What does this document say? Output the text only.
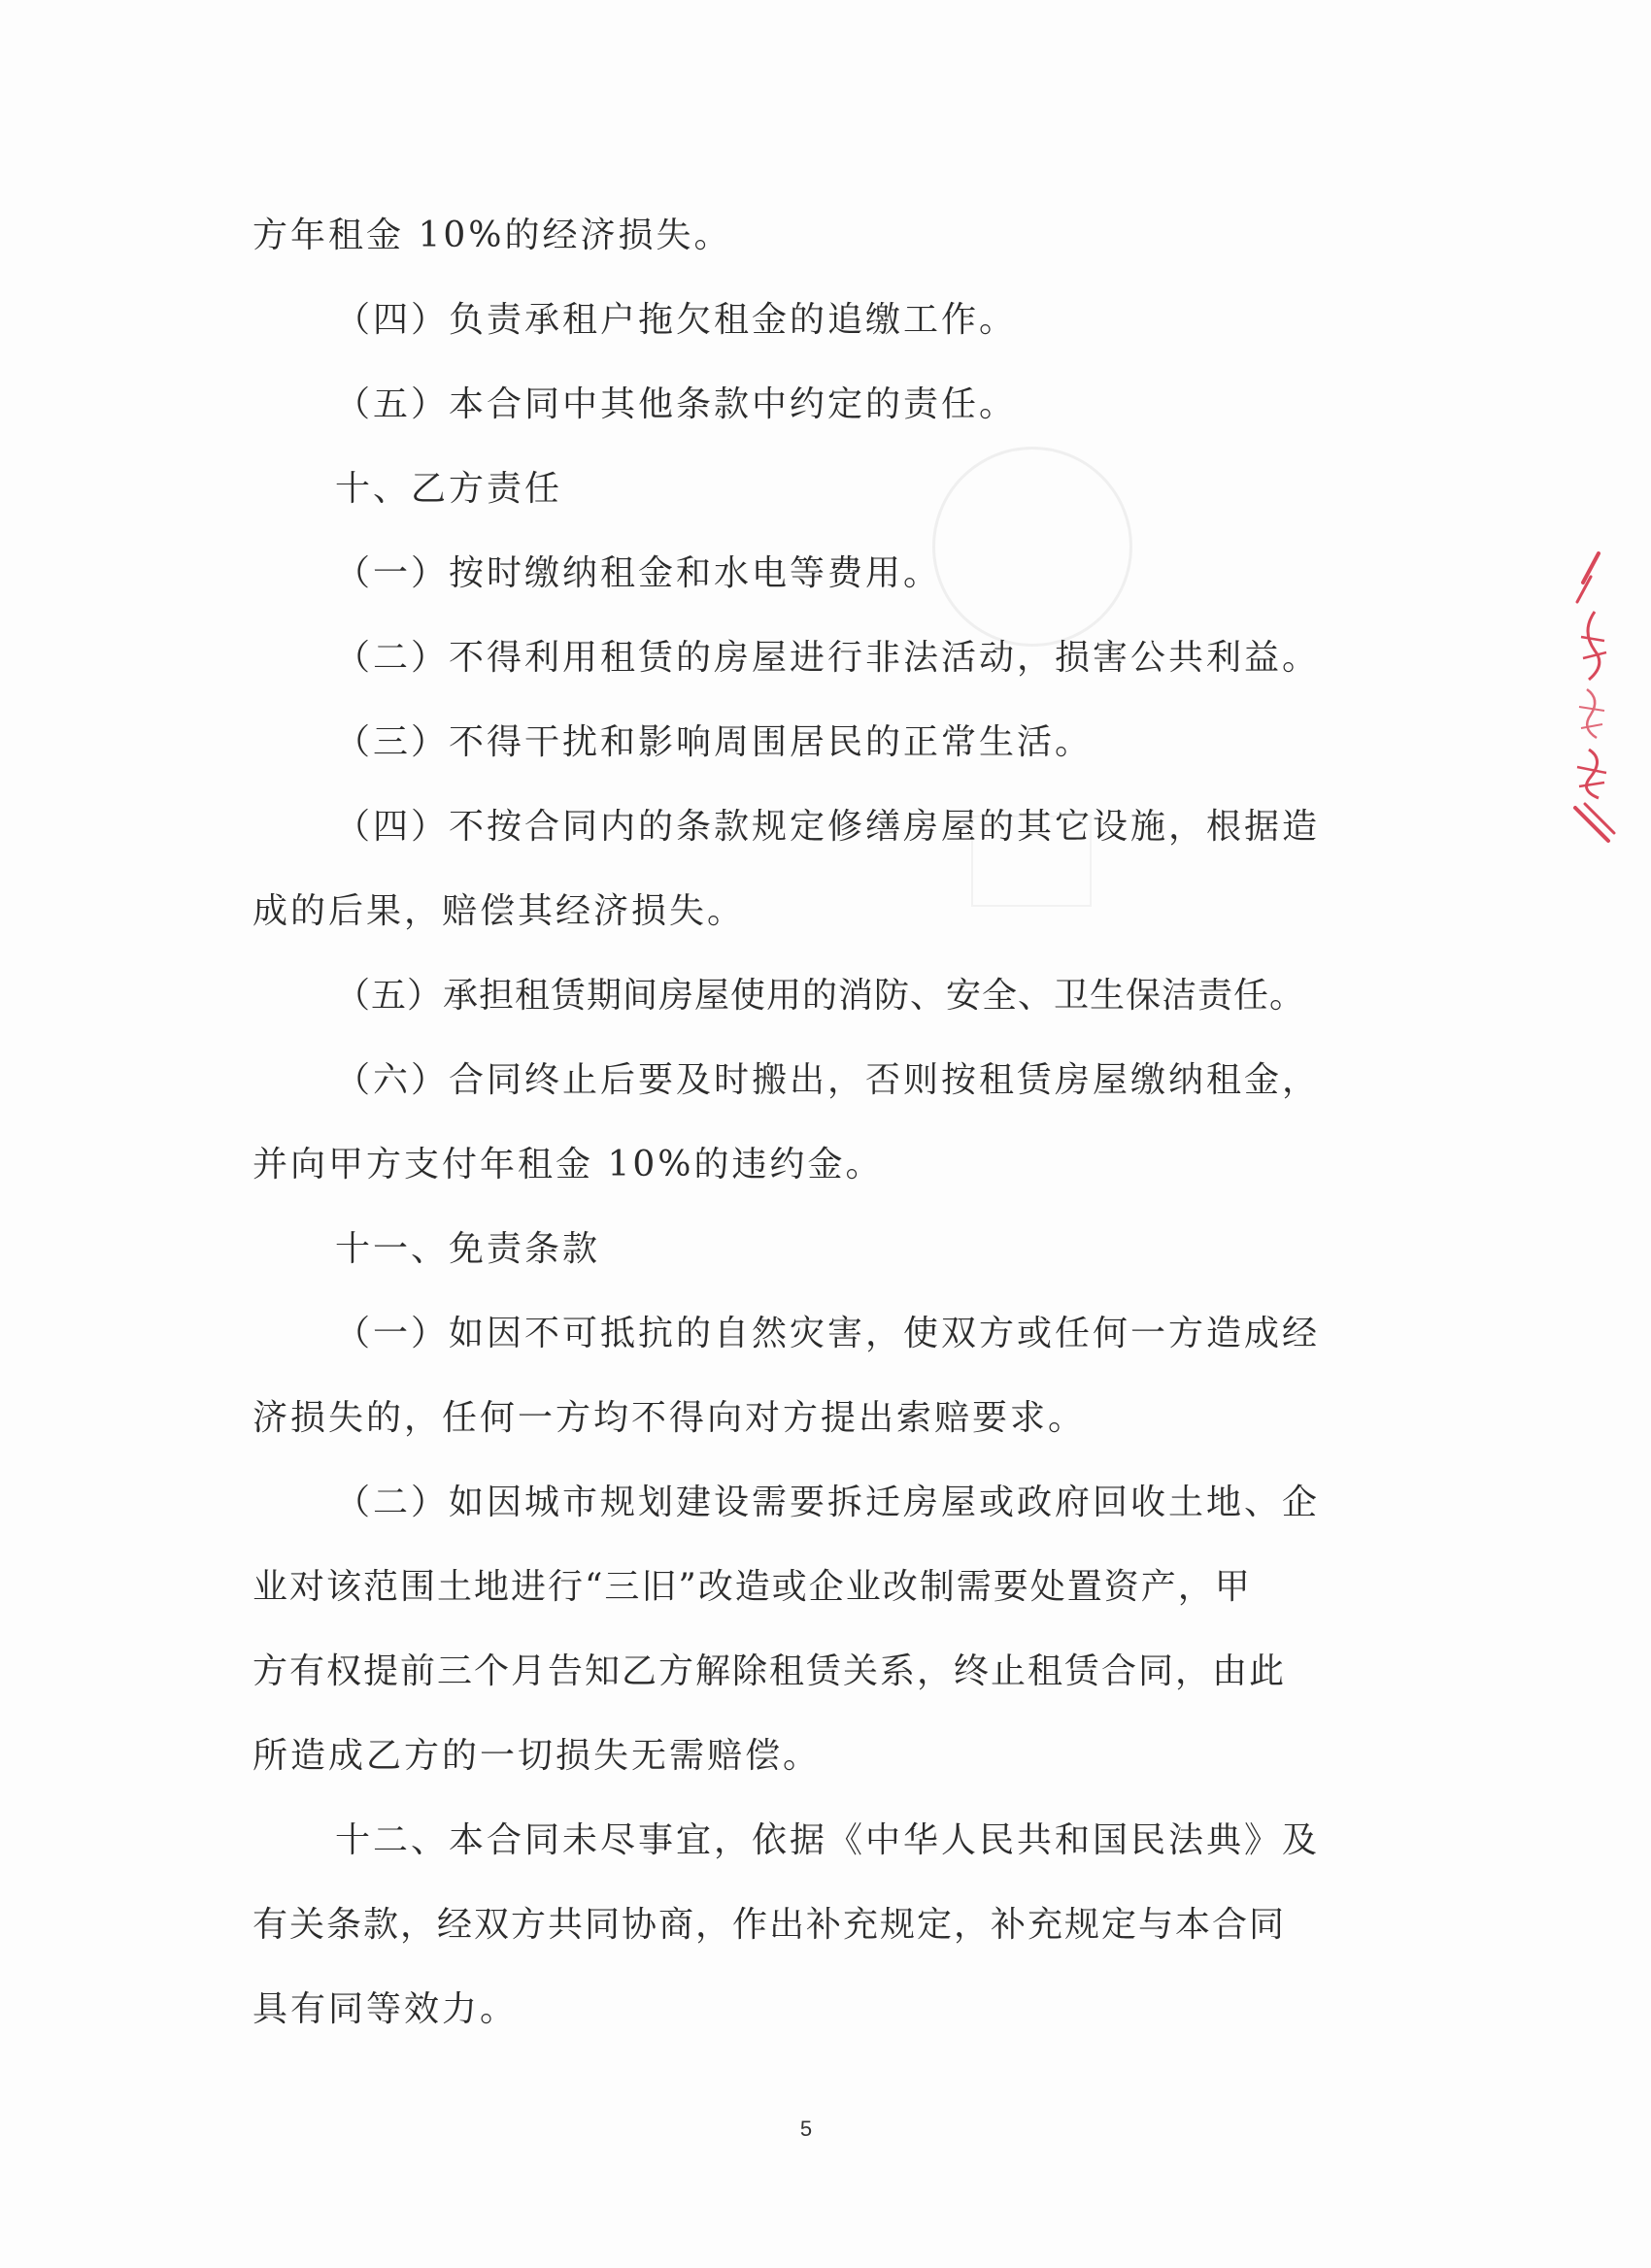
方年租金 10%的经济损失。
（四）负责承租户拖欠租金的追缴工作。
（五）本合同中其他条款中约定的责任。
十、乙方责任
（一）按时缴纳租金和水电等费用。
（二）不得利用租赁的房屋进行非法活动，损害公共利益。
（三）不得干扰和影响周围居民的正常生活。
（四）不按合同内的条款规定修缮房屋的其它设施，根据造
成的后果，赔偿其经济损失。
（五）承担租赁期间房屋使用的消防、安全、卫生保洁责任。
（六）合同终止后要及时搬出，否则按租赁房屋缴纳租金，
并向甲方支付年租金 10%的违约金。
十一、免责条款
（一）如因不可抵抗的自然灾害，使双方或任何一方造成经
济损失的，任何一方均不得向对方提出索赔要求。
（二）如因城市规划建设需要拆迁房屋或政府回收土地、企
业对该范围土地进行“三旧”改造或企业改制需要处置资产，甲
方有权提前三个月告知乙方解除租赁关系，终止租赁合同，由此
所造成乙方的一切损失无需赔偿。
十二、本合同未尽事宜，依据《中华人民共和国民法典》及
有关条款，经双方共同协商，作出补充规定，补充规定与本合同
具有同等效力。
5
